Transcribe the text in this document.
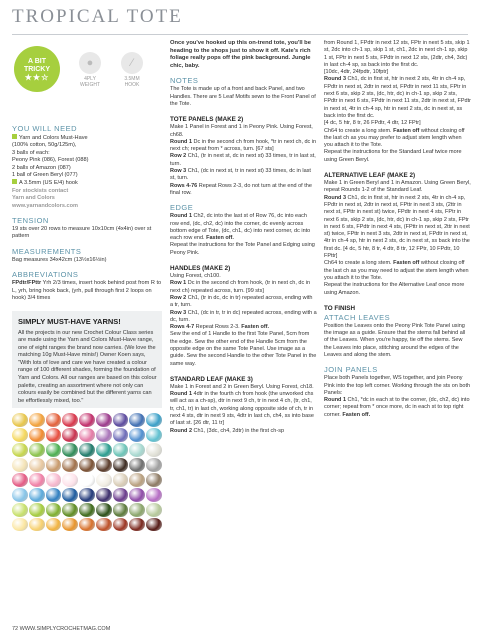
TROPICAL TOTE
A BIT
TRICKY
★★☆
●
4PLY
WEIGHT
∕
3.5MM
HOOK
YOU WILL NEED
Yarn and Colors Must-Have
(100% cotton, 50g/125m),
3 balls of each:
Peony Pink (086), Forest (088)
2 balls of Amazon (087)
1 ball of Green Beryl (077)
A 3.5mm (US E/4) hook
For stockists contact
Yarn and Colors
www.yarnandcolors.com
TENSION
19 sts over 20 rows to measure 10x10cm (4x4in) over st pattern
MEASUREMENTS
Bag measures 34x42cm (13½x16½in)
ABBREVIATIONS
FPdtr/FPttr Yrh 2/3 times, insert hook behind post from R to L, yrh, bring hook back, (yrh, pull through first 2 loops on hook) 3/4 times
SIMPLY MUST-HAVE YARNS!
All the projects in our new Crochet Colour Class series are made using the Yarn and Colors Must-Have range, one of eight ranges the brand now carries. (We love the matching 10g Must-Have minis!) Owner Koen says, "With lots of love and care we have created a colour range of 100 different shades, forming the foundation of Yarn and Colors. All our ranges are based on this colour palette, creating an assortment where not only can colours easily be combined but the different yarns can be effortlessly mixed, too."
72 WWW.SIMPLYCROCHETMAG.COM

Once you've hooked up this on-trend tote, you'll be heading to the shops just to show it off. Kate's rich foliage really pops off the pink background. Jungle chic, baby.

NOTES

The Tote is made up of a front and back Panel, and two Handles. There are 5 Leaf Motifs sewn to the Front Panel of the Tote.

TOTE PANELS (MAKE 2)

Make 1 Panel in Forest and 1 in Peony Pink. Using Forest, ch68.

Round 1 Dc in the second ch from hook, *tr in next ch, dc in next ch; repeat from * across, turn. [67 sts]

Row 2 Ch1, (tr in next st, dc in next st) 33 times, tr in last st, turn.

Row 3 Ch1, (dc in next st, tr in next st) 33 times, dc in last st, turn.

Rows 4-76 Repeat Rows 2-3, do not turn at the end of the final row.

EDGE

Round 1 Ch2, dc into the last st of Row 76, dc into each row end, (dc, ch2, dc) into the corner, dc evenly across bottom edge of Tote, (dc, ch1, dc) into next corner, dc into each row end. Fasten off.

Repeat the instructions for the Tote Panel and Edging using Peony Pink.

HANDLES (MAKE 2)

Using Forest, ch100.

Row 1 Dc in the second ch from hook, (tr in next ch, dc in next ch) repeated across, turn. [99 sts]

Row 2 Ch1, (tr in dc, dc in tr) repeated across, ending with a tr, turn.

Row 3 Ch1, (dc in tr, tr in dc) repeated across, ending with a dc, turn.

Rows 4-7 Repeat Rows 2-3. Fasten off.

Sew the end of 1 Handle to the first Tote Panel, 5cm from the edge. Sew the other end of the Handle 5cm from the opposite edge on the same Tote Panel. Use image as a guide. Sew the second Handle to the other Tote Panel in the same way.

STANDARD LEAF (MAKE 3)

Make 1 in Forest and 2 in Green Beryl. Using Forest, ch18.

Round 1 4dtr in the fourth ch from hook (the unworked chs will act as a ch-sp), dtr in next 9 ch, tr in next 4 ch, (tr, ch1, tr, ch1, tr) in last ch, working along opposite side of ch, tr in next 4 sts, dtr in next 9 sts, 4dtr in last ch, ch4, ss into base of last st. [26 dtr, 11 tr]

Round 2 Ch1, (3dc, ch4, 2dtr) in the first ch-sp

from Round 1, FPdtr in next 12 sts, FPtr in next 5 sts, skip 1 st, 2dc into ch-1 sp, skip 1 st, ch1, 2dc in next ch-1 sp, skip 1 st, FPtr in next 5 sts, FPdtr in next 12 sts, (2dtr, ch4, 3dc) in last ch-4 sp, ss back into the first dc.

[10dc, 4dtr, 24fpdtr, 10fptr]

Round 3 Ch1, dc in first st, htr in next 2 sts, 4tr in ch-4 sp, FPdtr in next st, 2dtr in next st, FPdtr in next 11 sts, FPtr in next 6 sts, skip 2 sts, (dc, htr, dc) in ch-1 sp, skip 2 sts, FPdtr in next 6 sts, FPdtr in next 11 sts, 2dtr in next st, FPdtr in next st, 4tr in ch-4 sp, htr in next 2 sts, dc in next st, ss back into the first dc.

[4 dc, 5 htr, 8 tr, 26 FPdtr, 4 dtr, 12 FPtr]

Ch64 to create a long stem. Fasten off without closing off the last ch as you may prefer to adjust stem length when you attach it to the Tote.

Repeat the instructions for the Standard Leaf twice more using Green Beryl.

ALTERNATIVE LEAF (MAKE 2)

Make 1 in Green Beryl and 1 in Amazon. Using Green Beryl, repeat Rounds 1-2 of the Standard Leaf.

Round 3 Ch1, dc in first st, htr in next 2 sts, 4tr in ch-4 sp, FPdtr in next st, 2dtr in next st, FPttr in next 3 sts, (2ttr in next st, FPttr in next st) twice, FPdtr in next 4 sts, FPtr in next 6 sts, skip 2 sts, (dc, htr, dc) in ch-1 sp, skip 2 sts, FPtr in next 6 sts, FPdtr in next 4 sts, (FPttr in next st, 2ttr in next st) twice, FPttr in next 3 sts, 2dtr in next st, FPdtr in next st, 4tr in ch-4 sp, htr in next 2 sts, dc in next st, ss back into the first dc. [4 dc, 5 htr, 8 tr, 4 dtr, 8 ttr, 12 FPtr, 10 FPdtr, 10 FPttr]

Ch64 to create a long stem. Fasten off without closing off the last ch as you may need to adjust the stem length when you attach it to the Tote.

Repeat the instructions for the Alternative Leaf once more using Amazon.

TO FINISH
ATTACH LEAVES

Position the Leaves onto the Peony Pink Tote Panel using the image as a guide. Ensure that the stems fall behind all of the Leaves. When you're happy, tie off the stems. Sew the Leaves into place, stitching around the edges of the Leaves and along the stem.

JOIN PANELS

Place both Panels together, WS together, and join Peony Pink into the top left corner. Working through the sts on both Panels:

Round 1 Ch1, *dc in each st to the corner, (dc, ch2, dc) into corner; repeat from * once more, dc in each st to top right corner. Fasten off.
